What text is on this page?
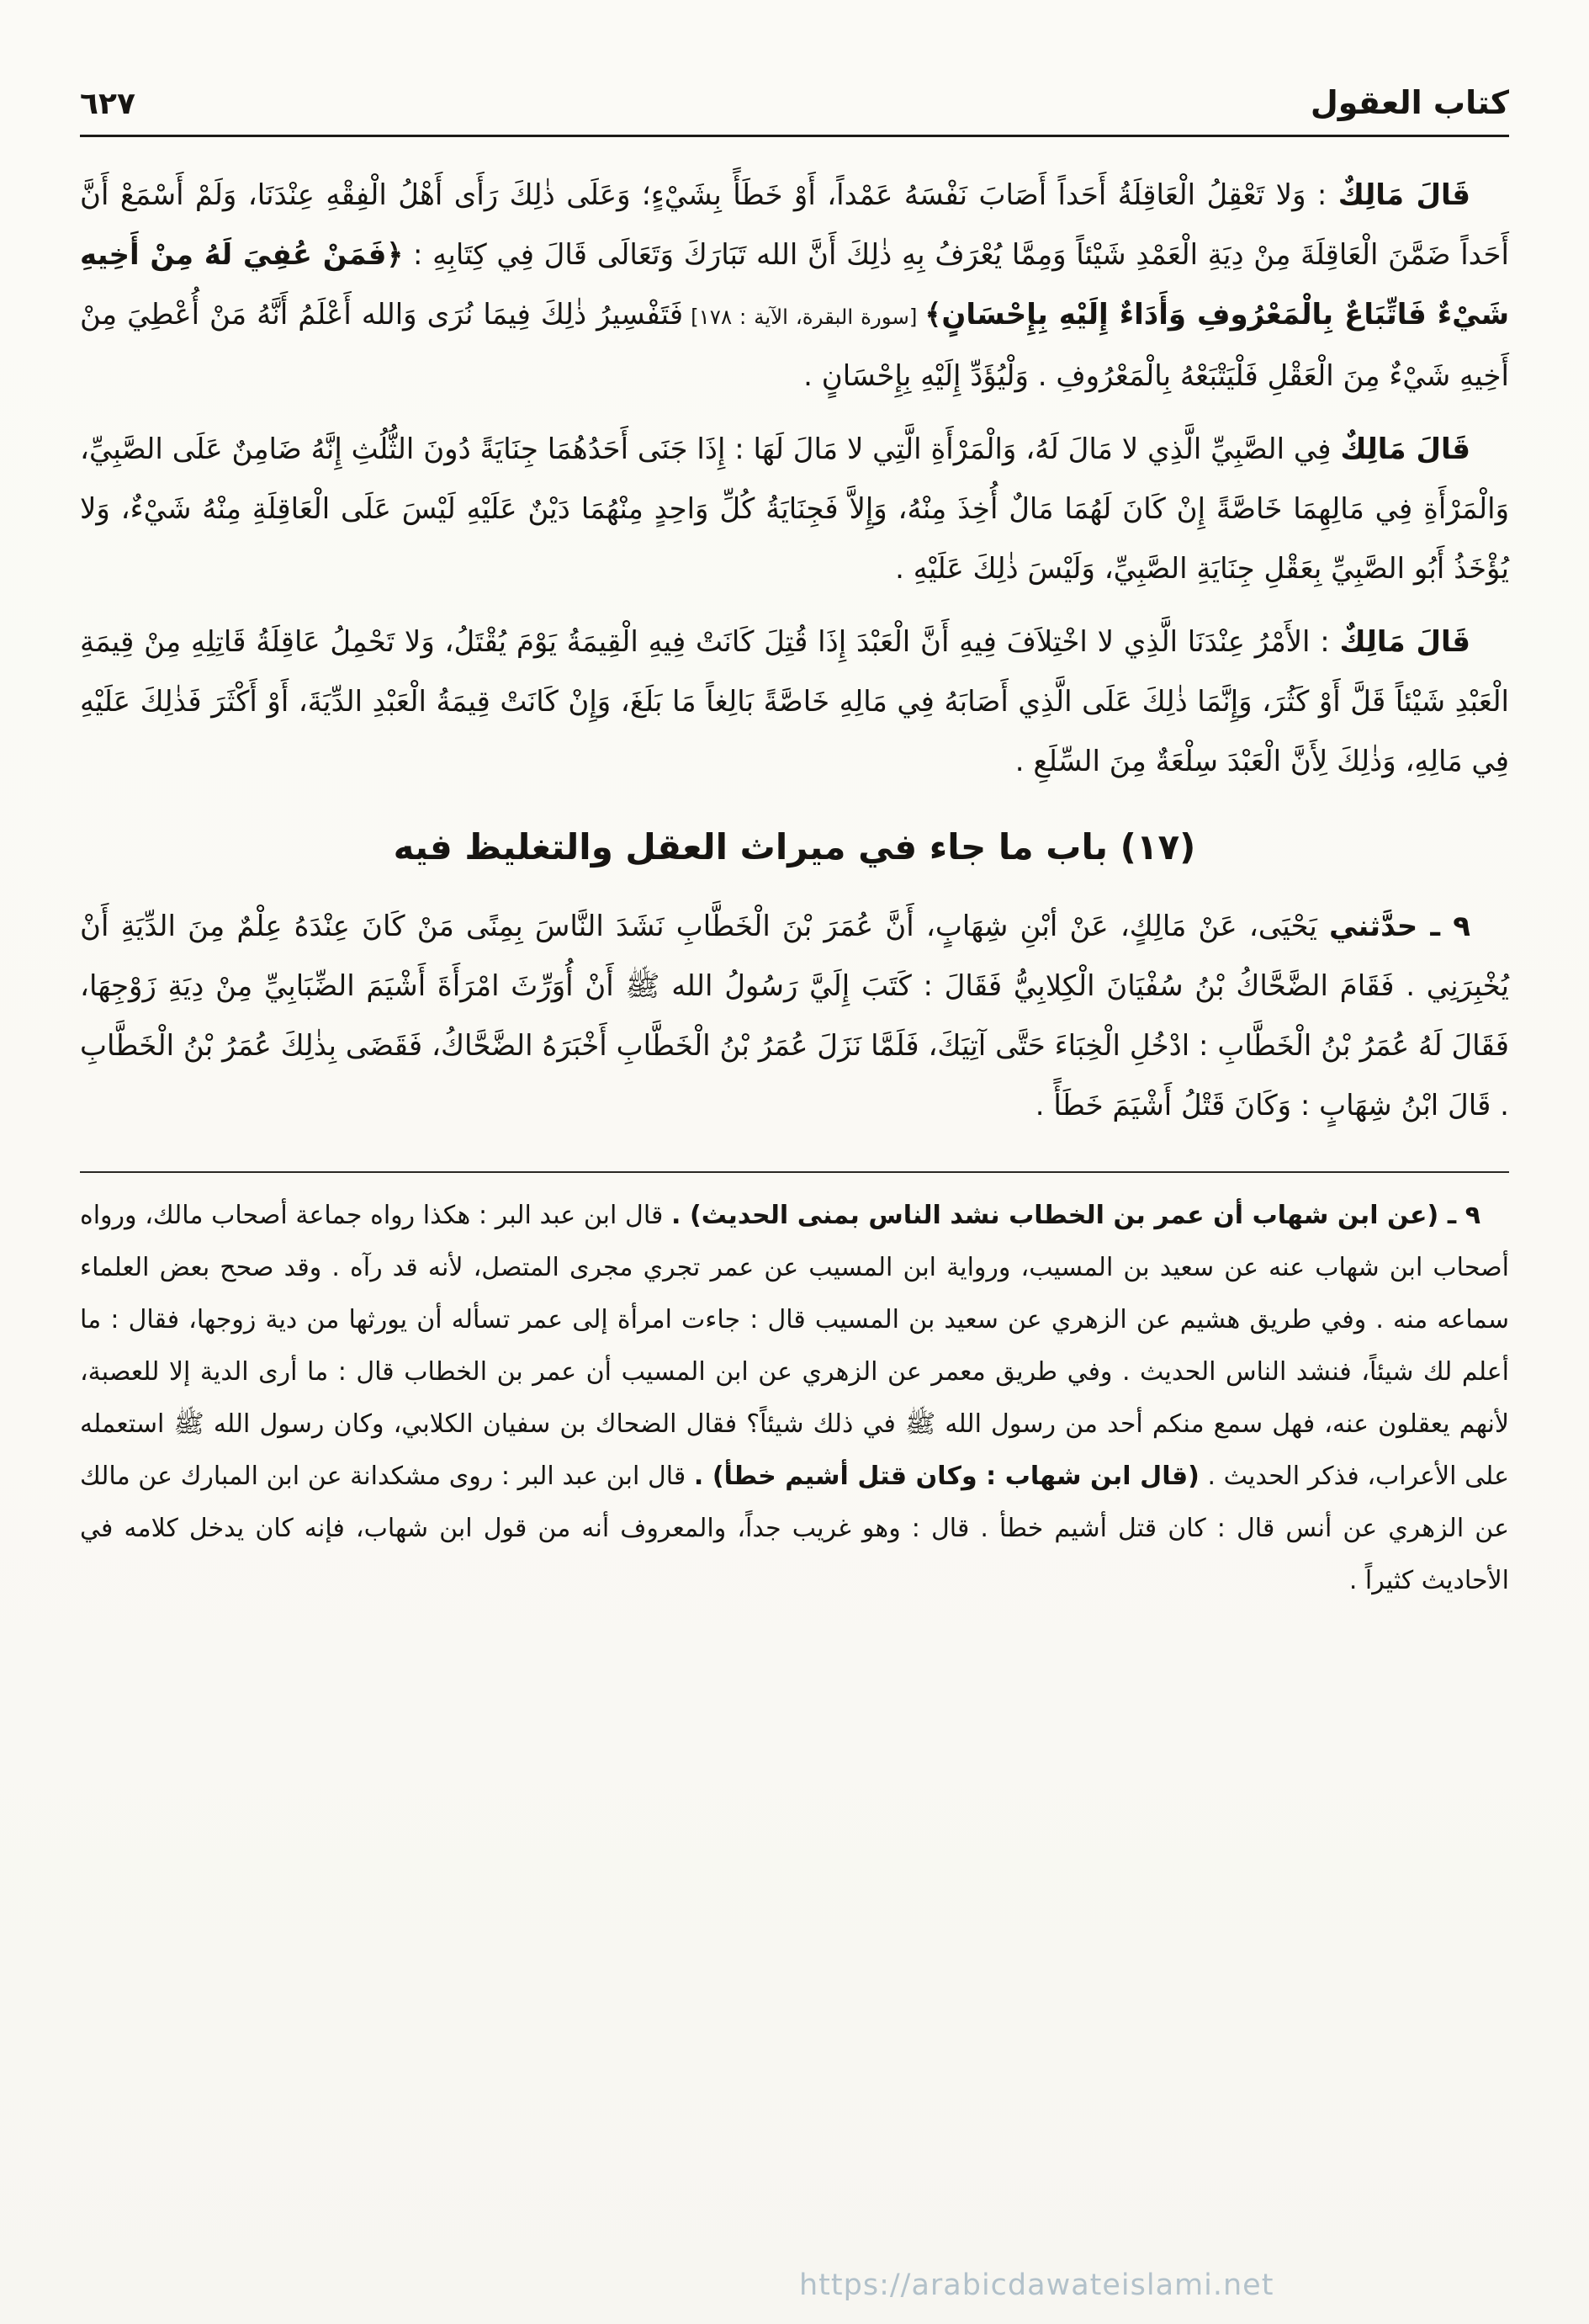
٦٢٧	كتاب العقول

قَالَ مَالِكٌ : وَلا تَعْقِلُ الْعَاقِلَةُ أَحَداً أَصَابَ نَفْسَهُ عَمْداً، أَوْ خَطَأً بِشَيْءٍ؛ وَعَلَى ذٰلِكَ رَأَى أَهْلُ الْفِقْهِ عِنْدَنَا، وَلَمْ أَسْمَعْ أَنَّ أَحَداً ضَمَّنَ الْعَاقِلَةَ مِنْ دِيَةِ الْعَمْدِ شَيْئاً وَمِمَّا يُعْرَفُ بِهِ ذٰلِكَ أَنَّ الله تَبَارَكَ وَتَعَالَى قَالَ فِي كِتَابِهِ : ﴿فَمَنْ عُفِيَ لَهُ مِنْ أَخِيهِ شَيْءٌ فَاتِّبَاعٌ بِالْمَعْرُوفِ وَأَدَاءٌ إِلَيْهِ بِإِحْسَانٍ﴾ [سورة البقرة، الآية : ١٧٨] فَتَفْسِيرُ ذٰلِكَ فِيمَا نُرَى وَالله أَعْلَمُ أَنَّهُ مَنْ أُعْطِيَ مِنْ أَخِيهِ شَيْءٌ مِنَ الْعَقْلِ فَلْيَتْبَعْهُ بِالْمَعْرُوفِ . وَلْيُؤَدِّ إِلَيْهِ بِإِحْسَانٍ .

قَالَ مَالِكٌ فِي الصَّبِيِّ الَّذِي لا مَالَ لَهُ، وَالْمَرْأَةِ الَّتِي لا مَالَ لَهَا : إِذَا جَنَى أَحَدُهُمَا جِنَايَةً دُونَ الثُّلُثِ إِنَّهُ ضَامِنٌ عَلَى الصَّبِيِّ، وَالْمَرْأَةِ فِي مَالِهِمَا خَاصَّةً إِنْ كَانَ لَهُمَا مَالٌ أُخِذَ مِنْهُ، وَإِلاَّ فَجِنَايَةُ كُلِّ وَاحِدٍ مِنْهُمَا دَيْنٌ عَلَيْهِ لَيْسَ عَلَى الْعَاقِلَةِ مِنْهُ شَيْءٌ، وَلا يُؤْخَذُ أَبُو الصَّبِيِّ بِعَقْلِ جِنَايَةِ الصَّبِيِّ، وَلَيْسَ ذٰلِكَ عَلَيْهِ .

قَالَ مَالِكٌ : الأَمْرُ عِنْدَنَا الَّذِي لا اخْتِلاَفَ فِيهِ أَنَّ الْعَبْدَ إِذَا قُتِلَ كَانَتْ فِيهِ الْقِيمَةُ يَوْمَ يُقْتَلُ، وَلا تَحْمِلُ عَاقِلَةُ قَاتِلِهِ مِنْ قِيمَةِ الْعَبْدِ شَيْئاً قَلَّ أَوْ كَثُرَ، وَإِنَّمَا ذٰلِكَ عَلَى الَّذِي أَصَابَهُ فِي مَالِهِ خَاصَّةً بَالِغاً مَا بَلَغَ، وَإِنْ كَانَتْ قِيمَةُ الْعَبْدِ الدِّيَةَ، أَوْ أَكْثَرَ فَذٰلِكَ عَلَيْهِ فِي مَالِهِ، وَذٰلِكَ لِأَنَّ الْعَبْدَ سِلْعَةٌ مِنَ السِّلَعِ .

(١٧) باب ما جاء في ميراث العقل والتغليظ فيه

٩ ـ حدَّثني يَحْيَى، عَنْ مَالِكٍ، عَنْ أبْنِ شِهَابٍ، أَنَّ عُمَرَ بْنَ الْخَطَّابِ نَشَدَ النَّاسَ بِمِنًى مَنْ كَانَ عِنْدَهُ عِلْمٌ مِنَ الدِّيَةِ أَنْ يُخْبِرَنِي . فَقَامَ الضَّحَّاكُ بْنُ سُفْيَانَ الْكِلابِيُّ فَقَالَ : كَتَبَ إِلَيَّ رَسُولُ الله ﷺ أَنْ أُوَرِّثَ امْرَأَةَ أَشْيَمَ الضِّبَابِيِّ مِنْ دِيَةِ زَوْجِهَا، فَقَالَ لَهُ عُمَرُ بْنُ الْخَطَّابِ : ادْخُلِ الْخِبَاءَ حَتَّى آتِيَكَ، فَلَمَّا نَزَلَ عُمَرُ بْنُ الْخَطَّابِ أَخْبَرَهُ الضَّحَّاكُ، فَقَضَى بِذٰلِكَ عُمَرُ بْنُ الْخَطَّابِ . قَالَ ابْنُ شِهَابٍ : وَكَانَ قَتْلُ أَشْيَمَ خَطَأً .

٩ ـ (عن ابن شهاب أن عمر بن الخطاب نشد الناس بمنى الحديث) . قال ابن عبد البر : هكذا رواه جماعة أصحاب مالك، ورواه أصحاب ابن شهاب عنه عن سعيد بن المسيب، ورواية ابن المسيب عن عمر تجري مجرى المتصل، لأنه قد رآه . وقد صحح بعض العلماء سماعه منه . وفي طريق هشيم عن الزهري عن سعيد بن المسيب قال : جاءت امرأة إلى عمر تسأله أن يورثها من دية زوجها، فقال : ما أعلم لك شيئاً، فنشد الناس الحديث . وفي طريق معمر عن الزهري عن ابن المسيب أن عمر بن الخطاب قال : ما أرى الدية إلا للعصبة، لأنهم يعقلون عنه، فهل سمع منكم أحد من رسول الله ﷺ في ذلك شيئاً؟ فقال الضحاك بن سفيان الكلابي، وكان رسول الله ﷺ استعمله على الأعراب، فذكر الحديث . (قال ابن شهاب : وكان قتل أشيم خطأ) . قال ابن عبد البر : روى مشكدانة عن ابن المبارك عن مالك عن الزهري عن أنس قال : كان قتل أشيم خطأ . قال : وهو غريب جداً، والمعروف أنه من قول ابن شهاب، فإنه كان يدخل كلامه في الأحاديث كثيراً .

https://arabicdawateislami.net
